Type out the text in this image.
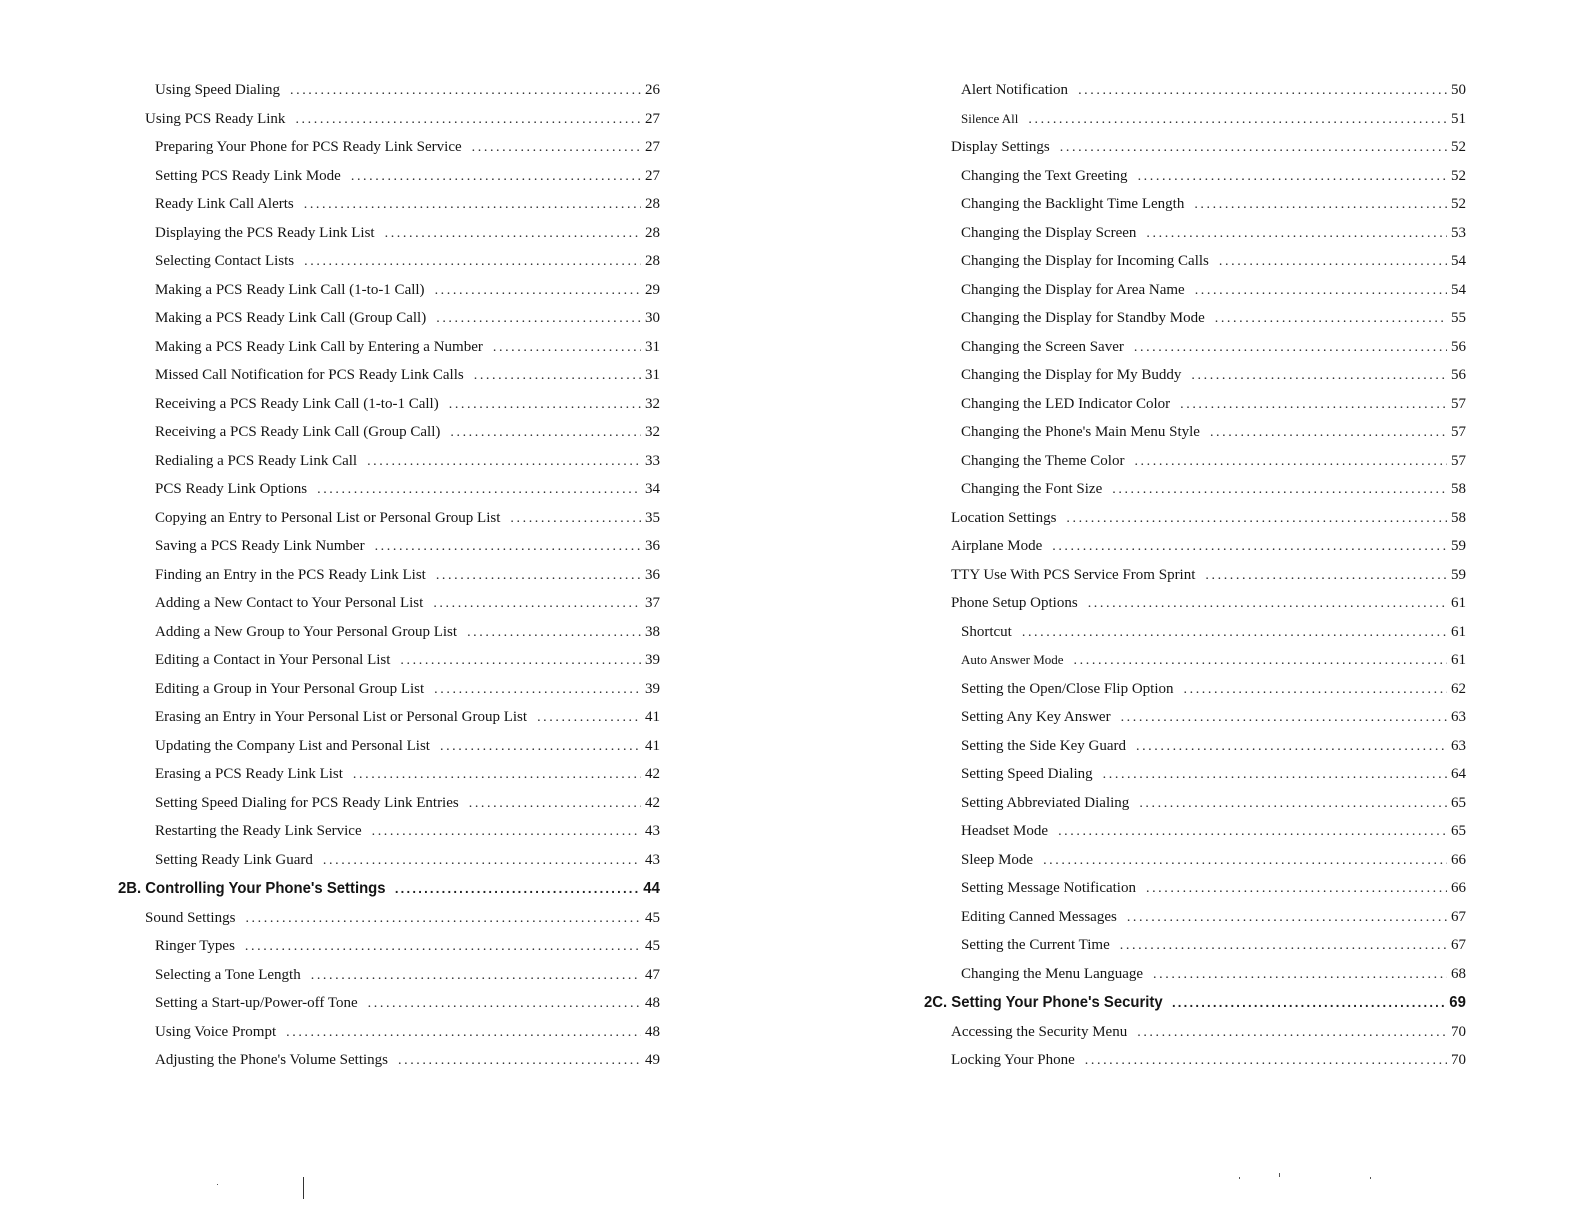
Using Speed Dialing .....	26
Using PCS Ready Link .....	27
Preparing Your Phone for PCS Ready Link Service .....	27
Setting PCS Ready Link Mode .....	27
Ready Link Call Alerts .....	28
Displaying the PCS Ready Link List .....	28
Selecting Contact Lists .....	28
Making a PCS Ready Link Call (1-to-1 Call) .....	29
Making a PCS Ready Link Call (Group Call) .....	30
Making a PCS Ready Link Call by Entering a Number .....	31
Missed Call Notification for PCS Ready Link Calls .....	31
Receiving a PCS Ready Link Call (1-to-1 Call) .....	32
Receiving a PCS Ready Link Call (Group Call) .....	32
Redialing a PCS Ready Link Call .....	33
PCS Ready Link Options .....	34
Copying an Entry to Personal List or Personal Group List .....	35
Saving a PCS Ready Link Number .....	36
Finding an Entry in the PCS Ready Link List .....	36
Adding a New Contact to Your Personal List .....	37
Adding a New Group to Your Personal Group List .....	38
Editing a Contact in Your Personal List .....	39
Editing a Group in Your Personal Group List .....	39
Erasing an Entry in Your Personal List or Personal Group List .....	41
Updating the Company List and Personal List .....	41
Erasing a PCS Ready Link List .....	42
Setting Speed Dialing for PCS Ready Link Entries .....	42
Restarting the Ready Link Service .....	43
Setting Ready Link Guard .....	43
2B. Controlling Your Phone's Settings .....	44
Sound Settings .....	45
Ringer Types .....	45
Selecting a Tone Length .....	47
Setting a Start-up/Power-off Tone .....	48
Using Voice Prompt .....	48
Adjusting the Phone's Volume Settings .....	49
Alert Notification .....	50
Silence All .....	51
Display Settings .....	52
Changing the Text Greeting .....	52
Changing the Backlight Time Length .....	52
Changing the Display Screen .....	53
Changing the Display for Incoming Calls .....	54
Changing the Display for Area Name .....	54
Changing the Display for Standby Mode .....	55
Changing the Screen Saver .....	56
Changing the Display for My Buddy .....	56
Changing the LED Indicator Color .....	57
Changing the Phone's Main Menu Style .....	57
Changing the Theme Color .....	57
Changing the Font Size .....	58
Location Settings .....	58
Airplane Mode .....	59
TTY Use With PCS Service From Sprint .....	59
Phone Setup Options .....	61
Shortcut .....	61
Auto Answer Mode .....	61
Setting the Open/Close Flip Option .....	62
Setting Any Key Answer .....	63
Setting the Side Key Guard .....	63
Setting Speed Dialing .....	64
Setting Abbreviated Dialing .....	65
Headset Mode .....	65
Sleep Mode .....	66
Setting Message Notification .....	66
Editing Canned Messages .....	67
Setting the Current Time .....	67
Changing the Menu Language .....	68
2C. Setting Your Phone's Security .....	69
Accessing the Security Menu .....	70
Locking Your Phone .....	70
